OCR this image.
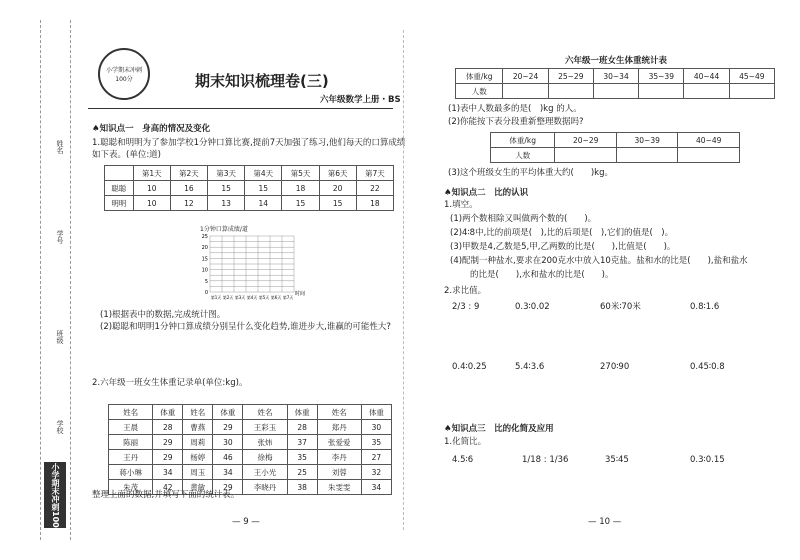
姓名
学号
班级
学校
小学期末冲刺100分
小学期末冲刺100分	期末知识梳理卷(三)
六年级数学上册・BS
♠知识点一　身高的情况及变化
1.聪聪和明明为了参加学校1分钟口算比赛,提前7天加强了练习,他们每天的口算成绩
如下表。(单位:道)
	第1天	第2天	第3天	第4天	第5天	第6天	第7天
聪聪	10	16	15	15	18	20	22
明明	10	12	13	14	15	15	18
1分钟口算成绩/道
25
20
15
10
5
0
第1天 第2天 第3天 第4天 第5天 第6天 第7天
时间
(1)根据表中的数据,完成统计图。
(2)聪聪和明明1分钟口算成绩分别呈什么变化趋势,谁进步大,谁赢的可能性大?
2.六年级一班女生体重记录单(单位:kg)。
姓名	体重	姓名	体重	姓名	体重	姓名	体重
王晨	28	曹燕	29	王彩玉	28	郑丹	30
陈丽	29	周莉	30	张炜	37	张爱爱	35
王丹	29	杨婷	46	徐梅	35	李丹	27
蒋小琳	34	周玉	34	王小光	25	刘蓉	32
朱茂	42	黄敏	29	李晓丹	38	朱雯雯	34
整理上面的数据,并填写下面的统计表。
— 9 —
六年级一班女生体重统计表
体重/kg	20~24	25~29	30~34	35~39	40~44	45~49
人数						
(1)表中人数最多的是(　)kg 的人。
(2)你能按下表分段重新整理数据吗?
体重/kg	20~29	30~39	40~49
人数			
(3)这个班级女生的平均体重大约(　　)kg。
♠知识点二　比的认识
1.填空。
(1)两个数相除又叫做两个数的(　　)。
(2)4∶8中,比的前项是(　),比的后项是(　),它们的值是(　)。
(3)甲数是4,乙数是5,甲,乙两数的比是(　　),比值是(　　)。
(4)配制一种盐水,要求在200克水中放入10克盐。盐和水的比是(　　),盐和盐水
的比是(　　),水和盐水的比是(　　)。
2.求比值。
2/3 : 9	0.3∶0.02	60米∶70米	0.8∶1.6
0.4∶0.25	5.4∶3.6	270∶90	0.45∶0.8
♠知识点三　比的化简及应用
1.化简比。
4.5∶6	1/18 : 1/36	35∶45	0.3∶0.15
— 10 —
